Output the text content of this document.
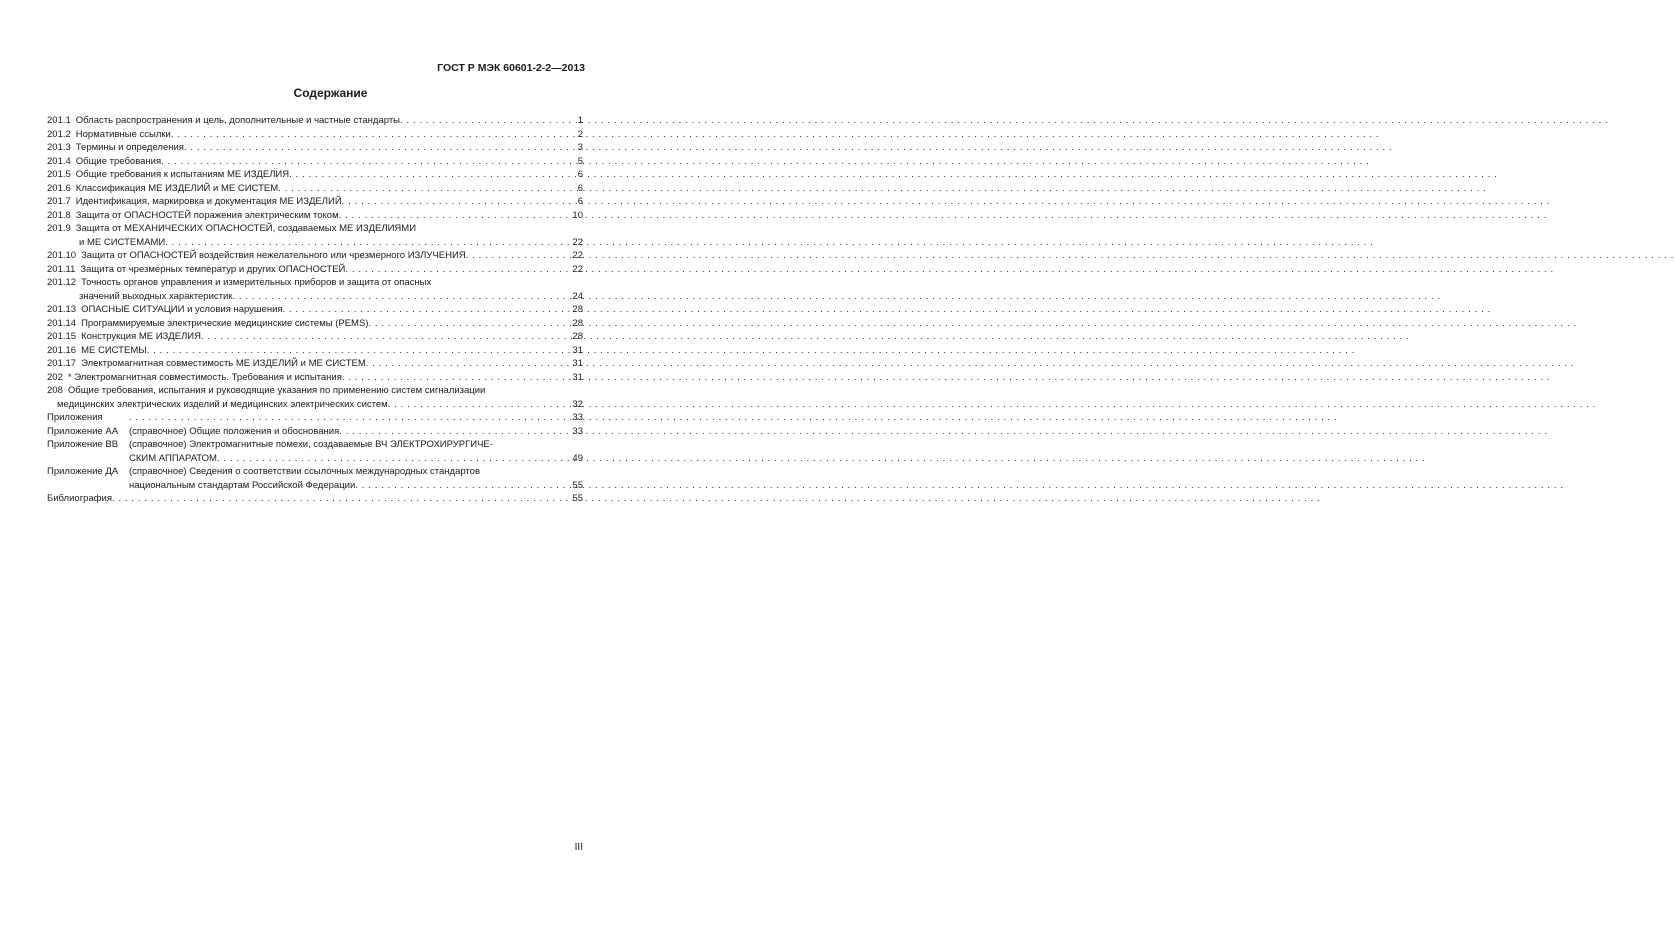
ГОСТ Р МЭК 60601-2-2—2013
Содержание
201.1 Область распространения и цель, дополнительные и частные стандарты . . .	1
201.2 Нормативные ссылки . . .	2
201.3 Термины и определения . . .	3
201.4 Общие требования . . .	5
201.5 Общие требования к испытаниям МЕ ИЗДЕЛИЯ . . .	6
201.6 Классификация МЕ ИЗДЕЛИЙ и МЕ СИСТЕМ . . .	6
201.7 Идентификация, маркировка и документация МЕ ИЗДЕЛИЙ . . .	6
201.8 Защита от ОПАСНОСТЕЙ поражения электрическим током . . .	10
201.9 Защита от МЕХАНИЧЕСКИХ ОПАСНОСТЕЙ, создаваемых МЕ ИЗДЕЛИЯМИ
и МЕ СИСТЕМАМИ . . .	22
201.10 Защита от ОПАСНОСТЕЙ воздействия нежелательного или чрезмерного ИЗЛУЧЕНИЯ . . .	22
201.11 Защита от чрезмерных температур и других ОПАСНОСТЕЙ . . .	22
201.12 Точность органов управления и измерительных приборов и защита от опасных
значений выходных характеристик . . .	24
201.13 ОПАСНЫЕ СИТУАЦИИ и условия нарушения . . .	28
201.14 Программируемые электрические медицинские системы (PEMS) . . .	28
201.15 Конструкция МЕ ИЗДЕЛИЯ . . .	28
201.16 МЕ СИСТЕМЫ . . .	31
201.17 Электромагнитная совместимость МЕ ИЗДЕЛИЙ и МЕ СИСТЕМ . . .	31
202 * Электромагнитная совместимость. Требования и испытания . . .	31
208 Общие требования, испытания и руководящие указания по применению систем сигнализации
медицинских электрических изделий и медицинских электрических систем . . .	32
Приложения . . .	33
Приложение АА	(справочное) Общие положения и обоснования . . .	33
Приложение ВВ	(справочное) Электромагнитные помехи, создаваемые ВЧ ЭЛЕКТРОХИРУРГИЧЕ-
СКИМ АППАРАТОМ . . .	49
Приложение ДА	(справочное) Сведения о соответствии ссылочных международных стандартов
национальным стандартам Российской Федерации . . .	55
Библиография . . .	55
III
